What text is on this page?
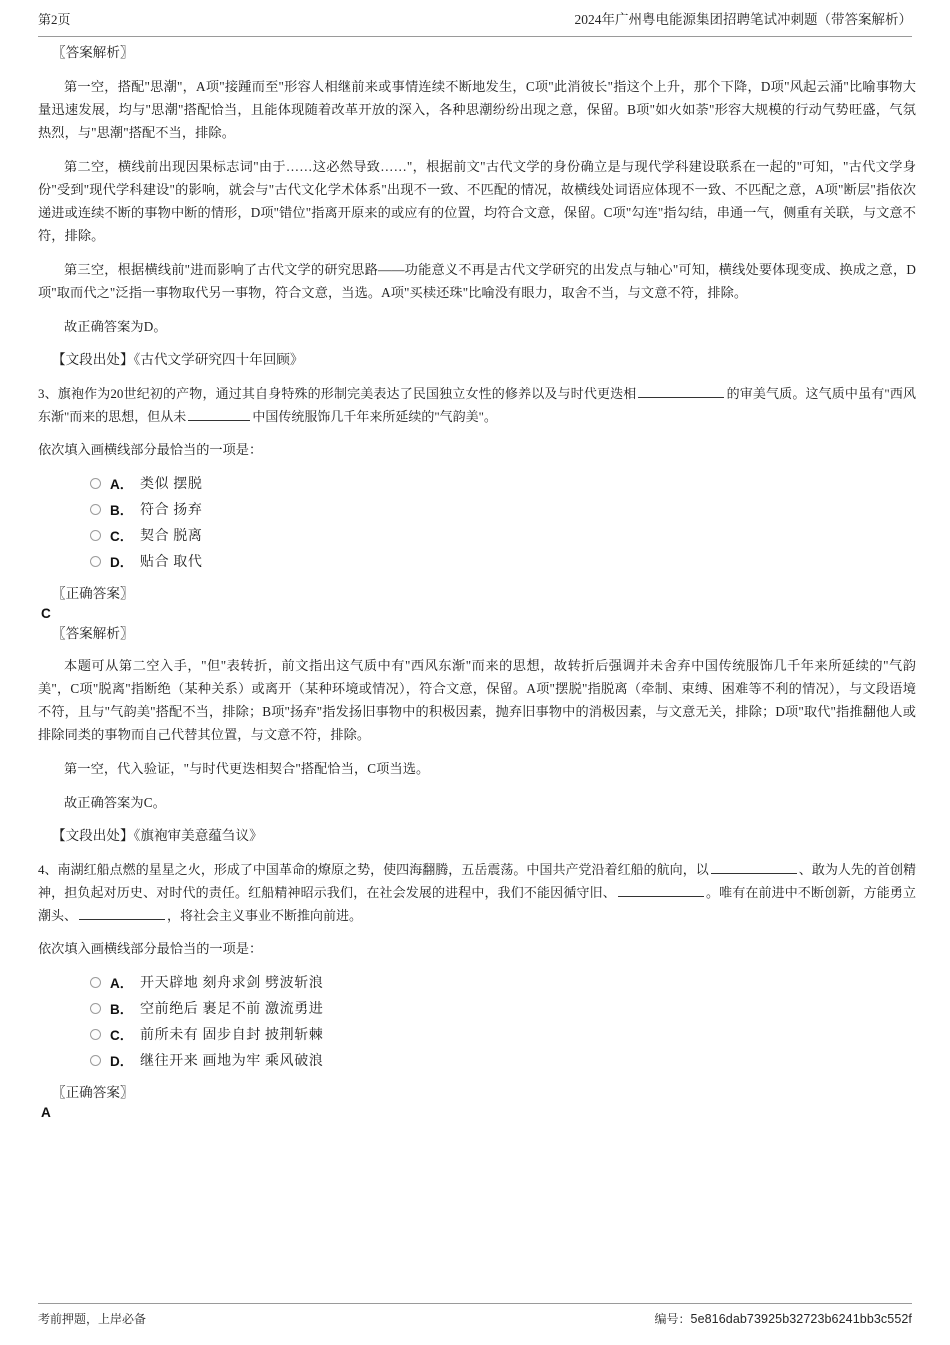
第2页	2024年广州粤电能源集团招聘笔试冲刺题（带答案解析）

〖答案解析〗

第一空，搭配"思潮"，A项"接踵而至"形容人相继前来或事情连续不断地发生，C项"此消彼长"指这个上升，那个下降，D项"风起云涌"比喻事物大量迅速发展，均与"思潮"搭配恰当，且能体现随着改革开放的深入，各种思潮纷纷出现之意，保留。B项"如火如荼"形容大规模的行动气势旺盛，气氛热烈，与"思潮"搭配不当，排除。

第二空，横线前出现因果标志词"由于……这必然导致……"，根据前文"古代文学的身份确立是与现代学科建设联系在一起的"可知，"古代文学身份"受到"现代学科建设"的影响，就会与"古代文化学术体系"出现不一致、不匹配的情况，故横线处词语应体现不一致、不匹配之意，A项"断层"指依次递进或连续不断的事物中断的情形，D项"错位"指离开原来的或应有的位置，均符合文意，保留。C项"勾连"指勾结，串通一气，侧重有关联，与文意不符，排除。

第三空，根据横线前"进而影响了古代文学的研究思路——功能意义不再是古代文学研究的出发点与轴心"可知，横线处要体现变成、换成之意，D项"取而代之"泛指一事物取代另一事物，符合文意，当选。A项"买椟还珠"比喻没有眼力，取舍不当，与文意不符，排除。

故正确答案为D。

【文段出处】《古代文学研究四十年回顾》

3、旗袍作为20世纪初的产物，通过其自身特殊的形制完美表达了民国独立女性的修养以及与时代更迭相	的审美气质。这气质中虽有"西风东渐"而来的思想，但从未	中国传统服饰几千年来所延续的"气韵美"。

依次填入画横线部分最恰当的一项是：

A． 类似 摆脱
B． 符合 扬弃
C． 契合 脱离
D． 贴合 取代

〖正确答案〗

C

〖答案解析〗

本题可从第二空入手，"但"表转折，前文指出这气质中有"西风东渐"而来的思想，故转折后强调并未舍弃中国传统服饰几千年来所延续的"气韵美"，C项"脱离"指断绝（某种关系）或离开（某种环境或情况），符合文意，保留。A项"摆脱"指脱离（牵制、束缚、困难等不利的情况），与文段语境不符，且与"气韵美"搭配不当，排除；B项"扬弃"指发扬旧事物中的积极因素，抛弃旧事物中的消极因素，与文意无关，排除；D项"取代"指推翻他人或排除同类的事物而自己代替其位置，与文意不符，排除。

第一空，代入验证，"与时代更迭相契合"搭配恰当，C项当选。

故正确答案为C。

【文段出处】《旗袍审美意蕴刍议》

4、南湖红船点燃的星星之火，形成了中国革命的燎原之势，使四海翻腾，五岳震荡。中国共产党沿着红船的航向，以	、敢为人先的首创精神，担负起对历史、对时代的责任。红船精神昭示我们，在社会发展的进程中，我们不能因循守旧、	。唯有在前进中不断创新，方能勇立潮头、	，将社会主义事业不断推向前进。

依次填入画横线部分最恰当的一项是：

A． 开天辟地 刻舟求剑 劈波斩浪
B． 空前绝后 裹足不前 激流勇进
C． 前所未有 固步自封 披荆斩棘
D． 继往开来 画地为牢 乘风破浪

〖正确答案〗

A

考前押题，上岸必备	编号：5e816dab73925b32723b6241bb3c552f
